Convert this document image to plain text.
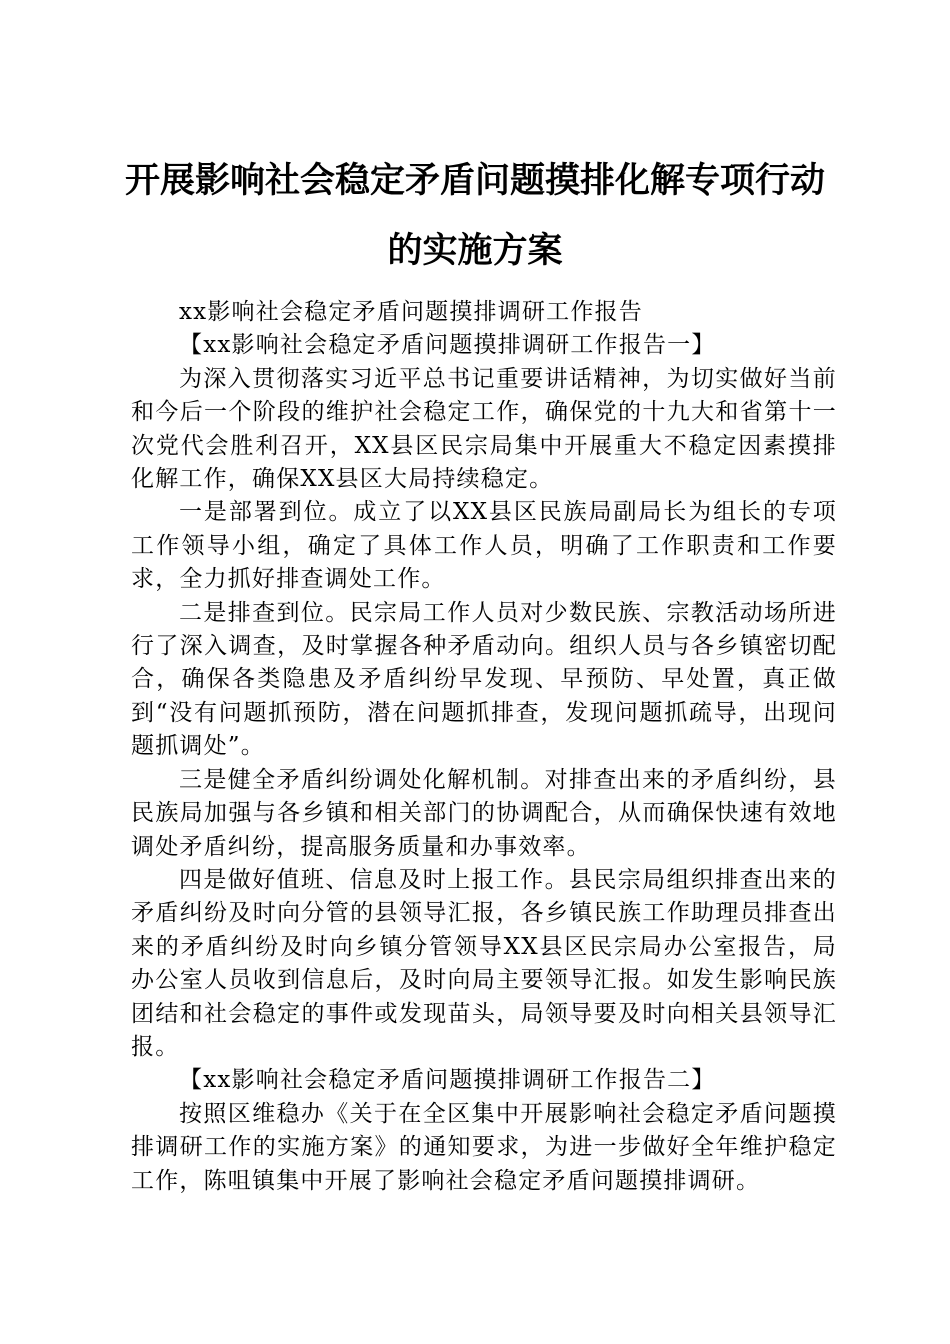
开展影响社会稳定矛盾问题摸排化解专项行动
的实施方案

xx影响社会稳定矛盾问题摸排调研工作报告

【xx影响社会稳定矛盾问题摸排调研工作报告一】

为深入贯彻落实习近平总书记重要讲话精神，为切实做好当前和今后一个阶段的维护社会稳定工作，确保党的十九大和省第十一次党代会胜利召开，XX县区民宗局集中开展重大不稳定因素摸排化解工作，确保XX县区大局持续稳定。

一是部署到位。成立了以XX县区民族局副局长为组长的专项工作领导小组，确定了具体工作人员，明确了工作职责和工作要求，全力抓好排查调处工作。

二是排查到位。民宗局工作人员对少数民族、宗教活动场所进行了深入调查，及时掌握各种矛盾动向。组织人员与各乡镇密切配合，确保各类隐患及矛盾纠纷早发现、早预防、早处置，真正做到“没有问题抓预防，潜在问题抓排查，发现问题抓疏导，出现问题抓调处”。

三是健全矛盾纠纷调处化解机制。对排查出来的矛盾纠纷，县民族局加强与各乡镇和相关部门的协调配合，从而确保快速有效地调处矛盾纠纷，提高服务质量和办事效率。

四是做好值班、信息及时上报工作。县民宗局组织排查出来的矛盾纠纷及时向分管的县领导汇报，各乡镇民族工作助理员排查出来的矛盾纠纷及时向乡镇分管领导XX县区民宗局办公室报告，局办公室人员收到信息后，及时向局主要领导汇报。如发生影响民族团结和社会稳定的事件或发现苗头，局领导要及时向相关县领导汇报。

【xx影响社会稳定矛盾问题摸排调研工作报告二】

按照区维稳办《关于在全区集中开展影响社会稳定矛盾问题摸排调研工作的实施方案》的通知要求，为进一步做好全年维护稳定工作，陈咀镇集中开展了影响社会稳定矛盾问题摸排调研。
